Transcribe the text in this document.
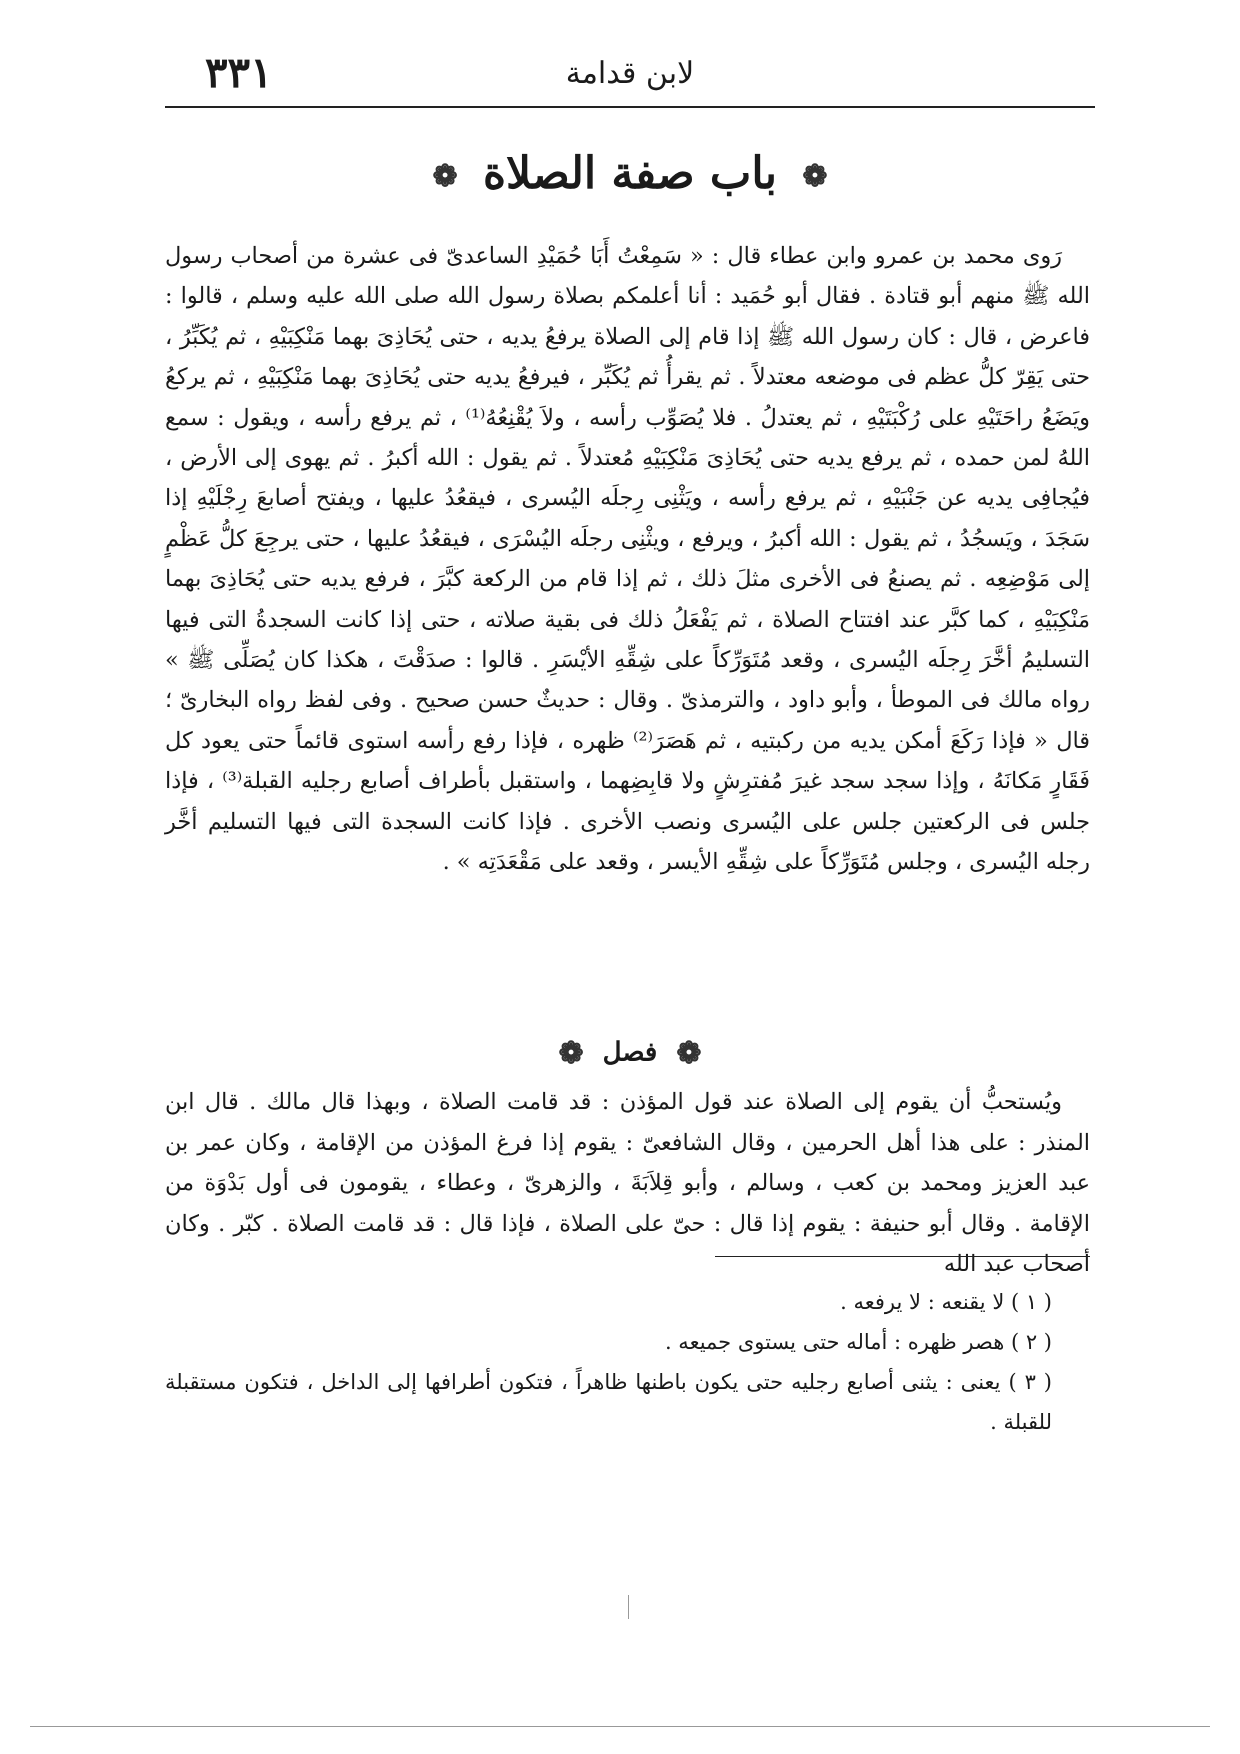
٣٣١	لابن قدامة
❁ باب صفة الصلاة ❁

رَوى محمد بن عمرو وابن عطاء قال : « سَمِعْتُ أَبَا حُمَيْدِ الساعدىّ فى عشرة من أصحاب رسول الله ﷺ منهم أبو قتادة . فقال أبو حُمَيد : أنا أعلمكم بصلاة رسول الله صلى الله عليه وسلم ، قالوا : فاعرض ، قال : كان رسول الله ﷺ إذا قام إلى الصلاة يرفعُ يديه ، حتى يُحَاذِىَ بهما مَنْكِبَيْهِ ، ثم يُكَبِّرُ ، حتى يَقِرّ كلُّ عظم فى موضعه معتدلاً . ثم يقرأُ ثم يُكَبِّر ، فيرفعُ يديه حتى يُحَاذِىَ بهما مَنْكِبَيْهِ ، ثم يركعُ ويَضَعُ راحَتَيْهِ على رُكْبَتَيْهِ ، ثم يعتدلُ . فلا يُصَوِّب رأسه ، ولاَ يُقْنِعُهُ⁽¹⁾ ، ثم يرفع رأسه ، ويقول : سمع اللهُ لمن حمده ، ثم يرفع يديه حتى يُحَاذِىَ مَنْكِبَيْهِ مُعتدلاً . ثم يقول : الله أكبرُ . ثم يهوى إلى الأرض ، فيُجافِى يديه عن جَنْبَيْهِ ، ثم يرفع رأسه ، ويَثْنِى رِجلَه اليُسرى ، فيقعُدُ عليها ، ويفتح أصابعَ رِجْلَيْهِ إذا سَجَدَ ، ويَسجُدُ ، ثم يقول : الله أكبرُ ، ويرفع ، ويثْنِى رجلَه اليُسْرَى ، فيقعُدُ عليها ، حتى يرجِعَ كلُّ عَظْمٍ إلى مَوْضِعِه . ثم يصنعُ فى الأخرى مثلَ ذلك ، ثم إذا قام من الركعة كبَّرَ ، فرفع يديه حتى يُحَاذِىَ بهما مَنْكِبَيْهِ ، كما كبَّر عند افتتاح الصلاة ، ثم يَفْعَلُ ذلك فى بقية صلاته ، حتى إذا كانت السجدةُ التى فيها التسليمُ أخَّرَ رِجلَه اليُسرى ، وقعد مُتَوَرِّكاً على شِقِّهِ الأيْسَرِ . قالوا : صدَقْتَ ، هكذا كان يُصَلِّى ﷺ » رواه مالك فى الموطأ ، وأبو داود ، والترمذىّ . وقال : حديثٌ حسن صحيح . وفى لفظ رواه البخارىّ ؛ قال « فإذا رَكَعَ أمكن يديه من ركبتيه ، ثم هَصَرَ⁽²⁾ ظهره ، فإذا رفع رأسه استوى قائماً حتى يعود كل فَقَارٍ مَكانَهُ ، وإذا سجد سجد غيرَ مُفترِشٍ ولا قابِضِهما ، واستقبل بأطراف أصابع رجليه القبلة⁽³⁾ ، فإذا جلس فى الركعتين جلس على اليُسرى ونصب الأخرى . فإذا كانت السجدة التى فيها التسليم أخَّر رجله اليُسرى ، وجلس مُتَوَرِّكاً على شِقِّهِ الأيسر ، وقعد على مَقْعَدَتِه » .

❁ فصل ❁

ويُستحبُّ أن يقوم إلى الصلاة عند قول المؤذن : قد قامت الصلاة ، وبهذا قال مالك . قال ابن المنذر : على هذا أهل الحرمين ، وقال الشافعىّ : يقوم إذا فرغ المؤذن من الإقامة ، وكان عمر بن عبد العزيز ومحمد بن كعب ، وسالم ، وأبو قِلاَبَةَ ، والزهرىّ ، وعطاء ، يقومون فى أول بَدْوَة من الإقامة . وقال أبو حنيفة : يقوم إذا قال : حىّ على الصلاة ، فإذا قال : قد قامت الصلاة . كبّر . وكان أصحاب عبد الله

( ١ ) لا يقنعه : لا يرفعه .

( ٢ ) هصر ظهره : أماله حتى يستوى جميعه .

( ٣ ) يعنى : يثنى أصابع رجليه حتى يكون باطنها ظاهراً ، فتكون أطرافها إلى الداخل ، فتكون مستقبلة للقبلة .
